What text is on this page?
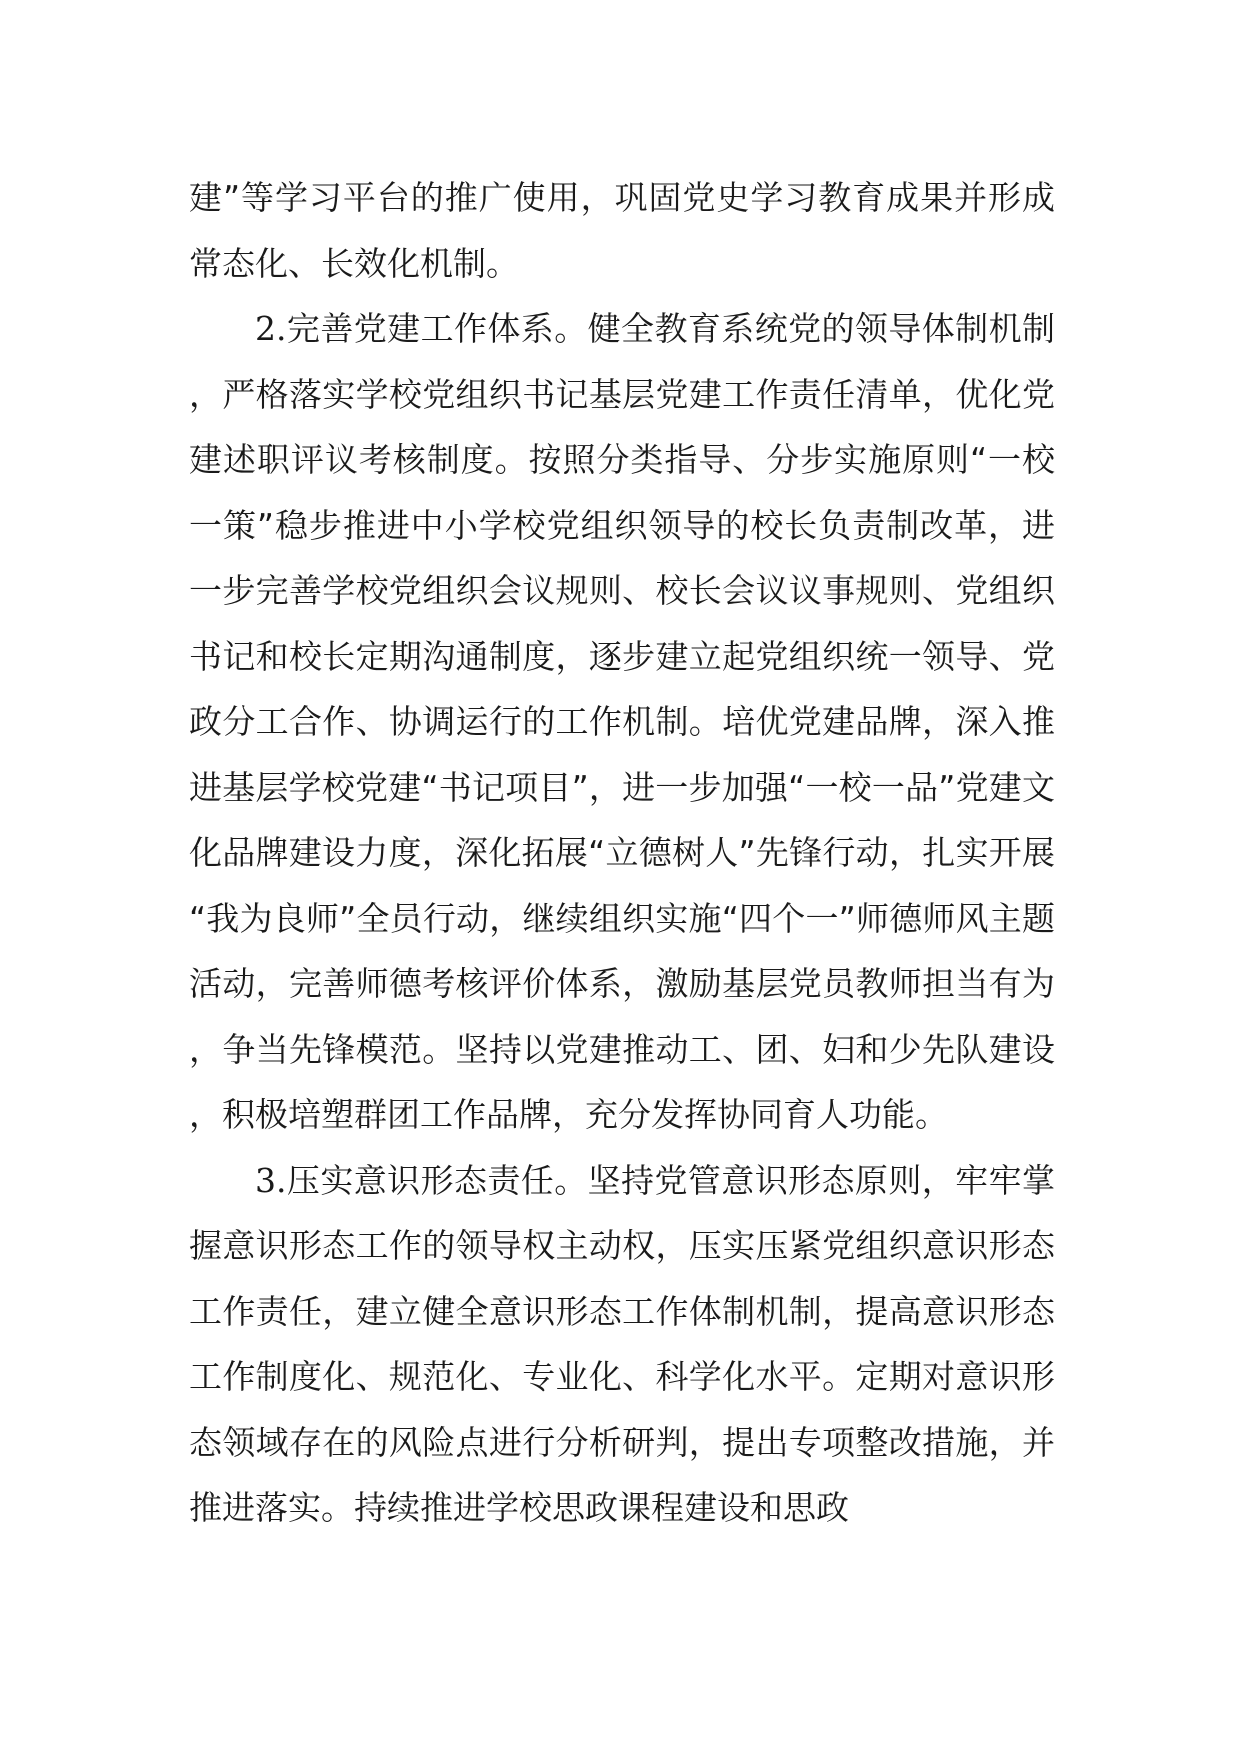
建”等学习平台的推广使用，巩固党史学习教育成果并形成常态化、长效化机制。

2.完善党建工作体系。健全教育系统党的领导体制机制，严格落实学校党组织书记基层党建工作责任清单，优化党建述职评议考核制度。按照分类指导、分步实施原则“一校一策”稳步推进中小学校党组织领导的校长负责制改革，进一步完善学校党组织会议规则、校长会议议事规则、党组织书记和校长定期沟通制度，逐步建立起党组织统一领导、党政分工合作、协调运行的工作机制。培优党建品牌，深入推进基层学校党建“书记项目”，进一步加强“一校一品”党建文化品牌建设力度，深化拓展“立德树人”先锋行动，扎实开展“我为良师”全员行动，继续组织实施“四个一”师德师风主题活动，完善师德考核评价体系，激励基层党员教师担当有为，争当先锋模范。坚持以党建推动工、团、妇和少先队建设，积极培塑群团工作品牌，充分发挥协同育人功能。

3.压实意识形态责任。坚持党管意识形态原则，牢牢掌握意识形态工作的领导权主动权，压实压紧党组织意识形态工作责任，建立健全意识形态工作体制机制，提高意识形态工作制度化、规范化、专业化、科学化水平。定期对意识形态领域存在的风险点进行分析研判，提出专项整改措施，并推进落实。持续推进学校思政课程建设和思政
